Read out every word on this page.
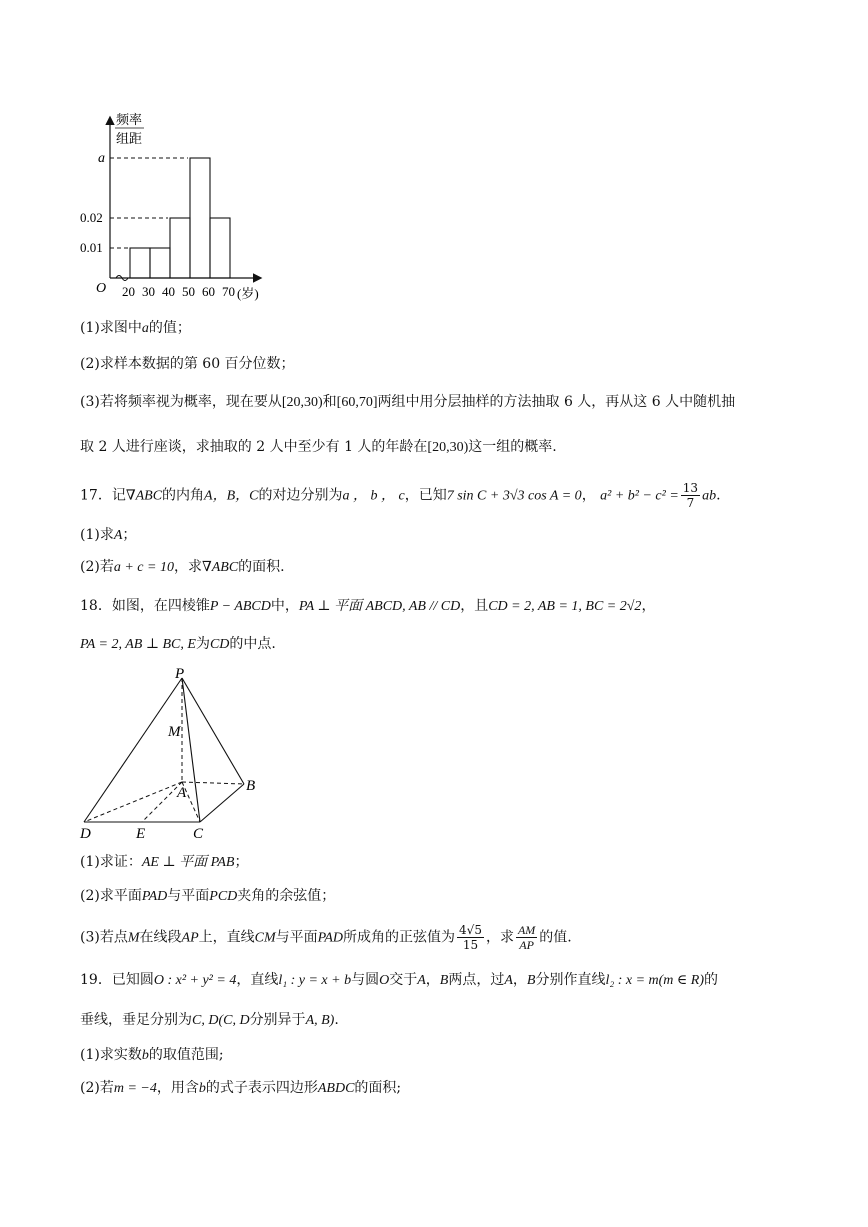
频率
组距
a
0.02
0.01
O 20 30 40 50 60 70 (岁)
(1)求图中a的值；
(2)求样本数据的第 60 百分位数；
(3)若将频率视为概率，现在要从[20,30)和[60,70]两组中用分层抽样的方法抽取 6 人，再从这 6 人中随机抽
取 2 人进行座谈，求抽取的 2 人中至少有 1 人的年龄在[20,30)这一组的概率.
17．记∇ABC的内角A，B，C的对边分别为a ， b ， c，已知7 sin C + 3√3 cos A = 0， $a^2 + b^2 - c^2 = \frac{13}{7}$ ab.
(1)求A；
(2)若a + c = 10，求∇ABC的面积.
18．如图，在四棱锥P − ABCD中，PA ⊥ 平面 ABCD, AB // CD，且CD = 2, AB = 1, BC = 2√2，
PA = 2, AB ⊥ BC, E为CD的中点.
P
M
A	B
D	E	C
(1)求证：AE ⊥ 平面 PAB；
(2)求平面PAD与平面PCD夹角的余弦值；
(3)若点M在线段AP上，直线CM与平面PAD所成角的正弦值为 $\frac{4√5}{15}$ ，求 $\frac{AM}{AP}$ 的值.
19．已知圆O : x² + y² = 4，直线l₁ : y = x + b与圆O交于A，B两点，过A，B分别作直线l₂ : x = m(m ∈ R)的
垂线，垂足分别为C, D(C, D分别异于A, B).
(1)求实数b的取值范围;
(2)若m = −4，用含b的式子表示四边形ABDC的面积;
